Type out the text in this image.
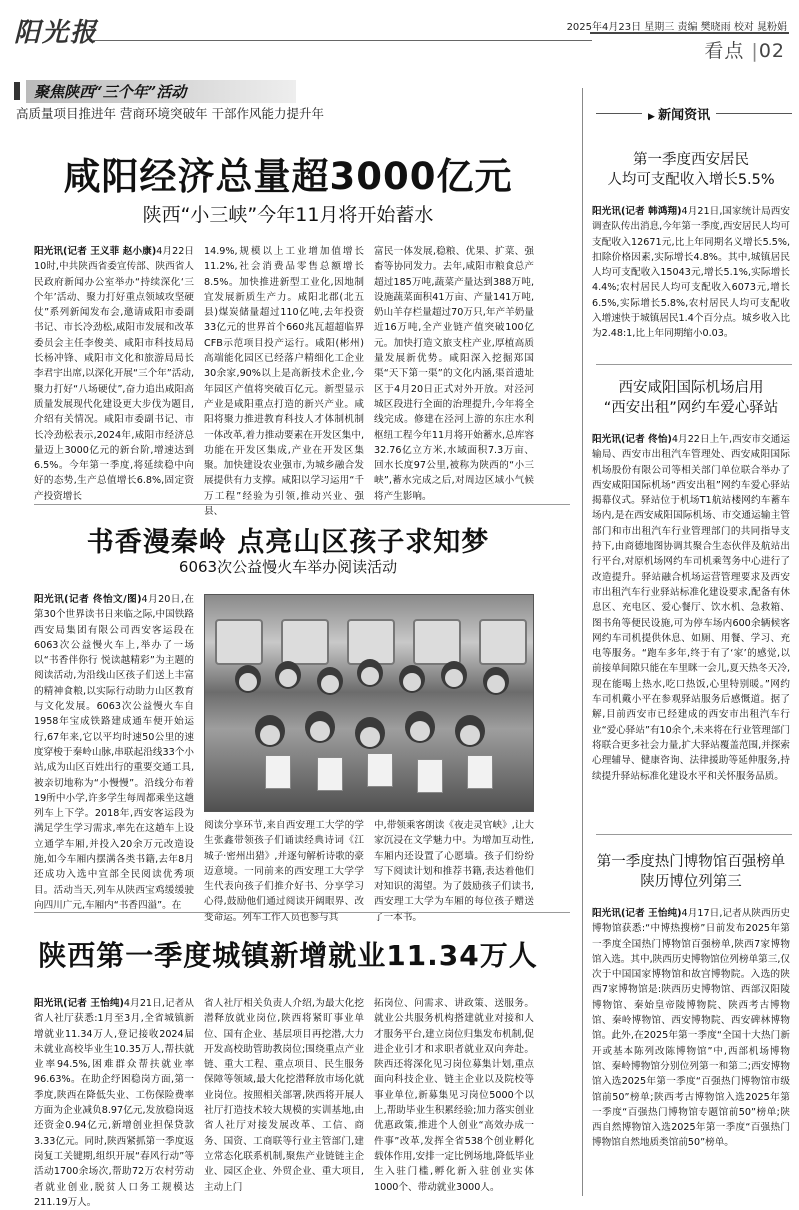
阳光报	2025年4月23日 星期三 责编 樊晓雨 校对 晁粉娟
看点 |02
聚焦陕西“三个年”活动
高质量项目推进年 营商环境突破年 干部作风能力提升年
咸阳经济总量超3000亿元
陕西“小三峡”今年11月将开始蓄水
阳光讯(记者 王义菲 赵小康)4月22日10时,中共陕西省委宣传部、陕西省人民政府新闻办公室举办“持续深化‘三个年’活动、聚力打好重点领域攻坚硬仗”系列新闻发布会,邀请咸阳市委副书记、市长冷劲松,咸阳市发展和改革委员会主任李俊美、咸阳市科技局局长杨冲锋、咸阳市文化和旅游局局长李君宇出席,以深化开展“三个年”活动,聚力打好“八场硬仗”,奋力追出咸阳高质量发展现代化建设更大步伐为题目,介绍有关情况。咸阳市委副书记、市长冷劲松表示,2024年,咸阳市经济总量迈上3000亿元的新台阶,增速达到6.5%。今年第一季度,将延续稳中向好的态势,生产总值增长6.8%,固定资产投资增长
14.9%,规模以上工业增加值增长11.2%,社会消费品零售总额增长8.5%。加快推进新型工业化,因地制宜发展新质生产力。咸阳北郡(北五县)煤炭储量超过110亿吨,去年投资33亿元的世界首个660兆瓦超超临界CFB示范项目投产运行。咸阳(彬州)高端能化园区已经落户精细化工企业30余家,90%以上是高新技术企业,今年园区产值将突破百亿元。新型显示产业是咸阳重点打造的新兴产业。咸阳将聚力推进教育科技人才体制机制一体改革,着力推动要素在开发区集中,功能在开发区集成,产业在开发区集聚。加快建设农业强市,为城乡融合发展提供有力支撑。咸阳以学习运用“千万工程”经验为引领,推动兴业、强县、
富民一体发展,稳粮、优果、扩菜、强畜等协同发力。去年,咸阳市粮食总产超过185万吨,蔬菜产量达到388万吨,设施蔬菜面积41万亩、产量141万吨,奶山羊存栏量超过70万只,年产羊奶量近16万吨,全产业链产值突破100亿元。加快打造文旅支柱产业,厚植高质量发展新优势。咸阳深入挖掘郑国渠“天下第一渠”的文化内涵,渠首遗址区于4月20日正式对外开放。对泾河城区段进行全面的治理提升,今年将全线完成。修建在泾河上游的东庄水利枢纽工程今年11月将开始蓄水,总库容32.76亿立方米,水域面积7.3万亩、回水长度97公里,被称为陕西的“小三峡”,蓄水完成之后,对周边区域小气候将产生影响。
书香漫秦岭 点亮山区孩子求知梦
6063次公益慢火车举办阅读活动
阳光讯(记者 佟怡文/图)4月20日,在第30个世界读书日来临之际,中国铁路西安局集团有限公司西安客运段在6063次公益慢火车上,举办了一场以“书香伴你行 悦读越精彩”为主题的阅读活动,为沿线山区孩子们送上丰富的精神食粮,以实际行动助力山区教育与文化发展。6063次公益慢火车自1958年宝成铁路建成通车便开始运行,67年来,它以平均时速50公里的速度穿梭于秦岭山脉,串联起沿线33个小站,成为山区百姓出行的重要交通工具,被亲切地称为“小慢慢”。沿线分布着19所中小学,许多学生每周都乘坐这趟列车上下学。2018年,西安客运段为满足学生学习需求,率先在这趟车上设立通学车厢,并投入20余万元改造设施,如今车厢内摆满各类书籍,去年8月还成功入选中宣部全民阅读优秀项目。活动当天,列车从陕西宝鸡缓缓驶向四川广元,车厢内“书香四溢”。在
阅读分享环节,来自西安理工大学的学生张鑫带领孩子们诵读经典诗词《江城子·密州出猎》,并逐句解析诗歌的豪迈意境。一同前来的西安理工大学学生代表向孩子们推介好书、分享学习心得,鼓励他们通过阅读开阔眼界、改变命运。列车工作人员也参与其
中,带领乘客朗读《夜走灵官峡》,让大家沉浸在文学魅力中。为增加互动性,车厢内还设置了心愿墙。孩子们纷纷写下阅读计划和推荐书籍,表达着他们对知识的渴望。为了鼓励孩子们读书,西安理工大学为车厢的每位孩子赠送了一本书。
陕西第一季度城镇新增就业11.34万人
阳光讯(记者 王怡纯)4月21日,记者从省人社厅获悉:1月至3月,全省城镇新增就业11.34万人,登记接收2024届未就业高校毕业生10.35万人,帮扶就业率94.5%,困难群众帮扶就业率96.63%。在助企纾困稳岗方面,第一季度,陕西在降低失业、工伤保险费率方面为企业减负8.97亿元,发放稳岗返还资金0.94亿元,新增创业担保贷款3.33亿元。同时,陕西紧抓第一季度返岗复工关键期,组织开展“春风行动”等活动1700余场次,帮助72万农村劳动者就业创业,脱贫人口务工规模达211.19万人。
省人社厅相关负责人介绍,为最大化挖潜释放就业岗位,陕西将紧盯事业单位、国有企业、基层项目再挖潜,大力开发高校助管助教岗位;围绕重点产业链、重大工程、重点项目、民生服务保障等领域,最大化挖潜释放市场化就业岗位。按照相关部署,陕西将开展人社厅打造技术较大规模的实训基地,由省人社厅对接发展改革、工信、商务、国资、工商联等行业主管部门,建立常态化联系机制,聚焦产业链链主企业、园区企业、外贸企业、重大项目,主动上门
拓岗位、问需求、讲政策、送服务。就业公共服务机构搭建就业对接和人才服务平台,建立岗位归集发布机制,促进企业引才和求职者就业双向奔赴。陕西还将深化见习岗位募集计划,重点面向科技企业、链主企业以及院校等事业单位,新募集见习岗位5000个以上,帮助毕业生积累经验;加力落实创业优惠政策,推进个人创业“高效办成一件事”改革,发挥全省538个创业孵化载体作用,安排一定比例场地,降低毕业生入驻门槛,孵化新入驻创业实体1000个、带动就业3000人。
▶ 新闻资讯
第一季度西安居民
人均可支配收入增长5.5%
阳光讯(记者 韩鸿翔)4月21日,国家统计局西安调查队传出消息,今年第一季度,西安居民人均可支配收入12671元,比上年同期名义增长5.5%,扣除价格因素,实际增长4.8%。其中,城镇居民人均可支配收入15043元,增长5.1%,实际增长4.4%;农村居民人均可支配收入6073元,增长6.5%,实际增长5.8%,农村居民人均可支配收入增速快于城镇居民1.4个百分点。城乡收入比为2.48:1,比上年同期缩小0.03。
西安咸阳国际机场启用
“西安出租”网约车爱心驿站
阳光讯(记者 佟怡)4月22日上午,西安市交通运输局、西安市出租汽车管理处、西安咸阳国际机场股份有限公司等相关部门单位联合举办了西安咸阳国际机场“西安出租”网约车爱心驿站揭幕仪式。驿站位于机场T1航站楼网约车蓄车场内,是在西安咸阳国际机场、市交通运输主管部门和市出租汽车行业管理部门的共同指导支持下,由商德地图协调其聚合生态伙伴及航站出行平台,对原机场网约车司机乘驾务中心进行了改造提升。驿站融合机场运营管理要求及西安市出租汽车行业驿站标准化建设要求,配备有休息区、充电区、爱心餐厅、饮水机、急救箱、图书角等便民设施,可为停车场内600余辆候客网约车司机提供休息、如厕、用餐、学习、充电等服务。“跑车多年,终于有了‘家’的感觉,以前接单间隙只能在车里眯一会儿,夏天热冬天冷,现在能喝上热水,吃口热饭,心里特别暖。”网约车司机戴小平在参观驿站服务后感慨道。据了解,目前西安市已经建成的西安市出租汽车行业“爱心驿站”有10余个,未来将在行业管理部门将联合更多社会力量,扩大驿站覆盖范围,并探索心理辅导、健康咨询、法律援助等延伸服务,持续提升驿站标准化建设水平和关怀服务品质。
第一季度热门博物馆百强榜单
陕历博位列第三
阳光讯(记者 王怡纯)4月17日,记者从陕西历史博物馆获悉:“中博热搜榜”日前发布2025年第一季度全国热门博物馆百强榜单,陕西7家博物馆入选。其中,陕西历史博物馆位列榜单第三,仅次于中国国家博物馆和故宫博物院。入选的陕西7家博物馆是:陕西历史博物馆、西部汉阳陵博物馆、秦始皇帝陵博物院、陕西考古博物馆、秦岭博物馆、西安博物院、西安碑林博物馆。此外,在2025年第一季度“全国十大热门新开或基本陈列改陈博物馆”中,西部机场博物馆、秦岭博物馆分别位列第一和第二;西安博物馆入选2025年第一季度“百强热门博物馆市级馆前50”榜单;陕西考古博物馆入选2025年第一季度“百强热门博物馆专题馆前50”榜单;陕西自然博物馆入选2025年第一季度“百强热门博物馆自然地质类馆前50”榜单。
